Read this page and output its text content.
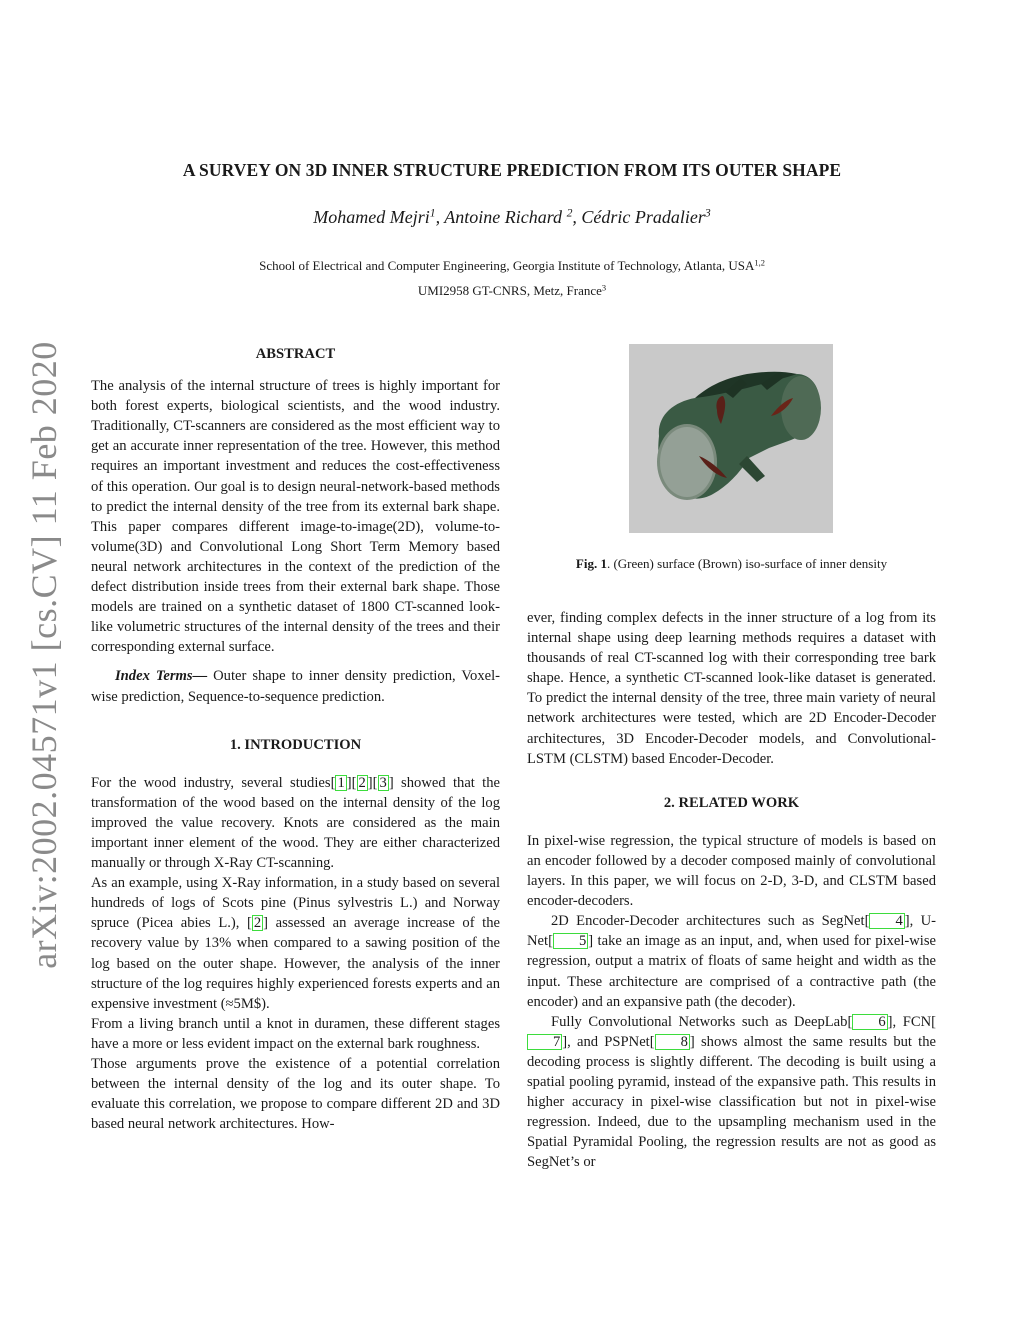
arXiv:2002.04571v1 [cs.CV] 11 Feb 2020
A SURVEY ON 3D INNER STRUCTURE PREDICTION FROM ITS OUTER SHAPE
Mohamed Mejri$^1$, Antoine Richard $^2$, Cédric Pradalier$^3$
School of Electrical and Computer Engineering, Georgia Institute of Technology, Atlanta, USA$^{1,2}$
UMI2958 GT-CNRS, Metz, France$^3$
ABSTRACT

The analysis of the internal structure of trees is highly important for both forest experts, biological scientists, and the wood industry. Traditionally, CT-scanners are considered as the most efficient way to get an accurate inner representation of the tree. However, this method requires an important investment and reduces the cost-effectiveness of this operation. Our goal is to design neural-network-based methods to predict the internal density of the tree from its external bark shape. This paper compares different image-to-image(2D), volume-to-volume(3D) and Convolutional Long Short Term Memory based neural network architectures in the context of the prediction of the defect distribution inside trees from their external bark shape. Those models are trained on a synthetic dataset of 1800 CT-scanned look-like volumetric structures of the internal density of the trees and their corresponding external surface.

Index Terms— Outer shape to inner density prediction, Voxel-wise prediction, Sequence-to-sequence prediction.

1. INTRODUCTION

For the wood industry, several studies[ 1 ][ 2 ][ 3 ] showed that the transformation of the wood based on the internal density of the log improved the value recovery. Knots are considered as the main important inner element of the wood. They are either characterized manually or through X-Ray CT-scanning.

As an example, using X-Ray information, in a study based on several hundreds of logs of Scots pine (Pinus sylvestris L.) and Norway spruce (Picea abies L.), [ 2 ] assessed an average increase of the recovery value by 13% when compared to a sawing position of the log based on the outer shape. However, the analysis of the inner structure of the log requires highly experienced forests experts and an expensive investment (≈5M$).

From a living branch until a knot in duramen, these different stages have a more or less evident impact on the external bark roughness.

Those arguments prove the existence of a potential correlation between the internal density of the log and its outer shape. To evaluate this correlation, we propose to compare different 2D and 3D based neural network architectures. How-

Fig. 1. (Green) surface (Brown) iso-surface of inner density

ever, finding complex defects in the inner structure of a log from its internal shape using deep learning methods requires a dataset with thousands of real CT-scanned log with their corresponding tree bark shape. Hence, a synthetic CT-scanned look-like dataset is generated. To predict the internal density of the tree, three main variety of neural network architectures were tested, which are 2D Encoder-Decoder architectures, 3D Encoder-Decoder models, and Convolutional-LSTM (CLSTM) based Encoder-Decoder.

2. RELATED WORK

In pixel-wise regression, the typical structure of models is based on an encoder followed by a decoder composed mainly of convolutional layers. In this paper, we will focus on 2-D, 3-D, and CLSTM based encoder-decoders.

2D Encoder-Decoder architectures such as SegNet[ 4 ], U-Net[ 5 ] take an image as an input, and, when used for pixel-wise regression, output a matrix of floats of same height and width as the input. These architecture are comprised of a contractive path (the encoder) and an expansive path (the decoder).

Fully Convolutional Networks such as DeepLab[ 6 ], FCN[7 ], and PSPNet[ 8 ] shows almost the same results but the decoding process is slightly different. The decoding is built using a spatial pooling pyramid, instead of the expansive path. This results in higher accuracy in pixel-wise classification but not in pixel-wise regression. Indeed, due to the upsampling mechanism used in the Spatial Pyramidal Pooling, the regression results are not as good as SegNet’s or
